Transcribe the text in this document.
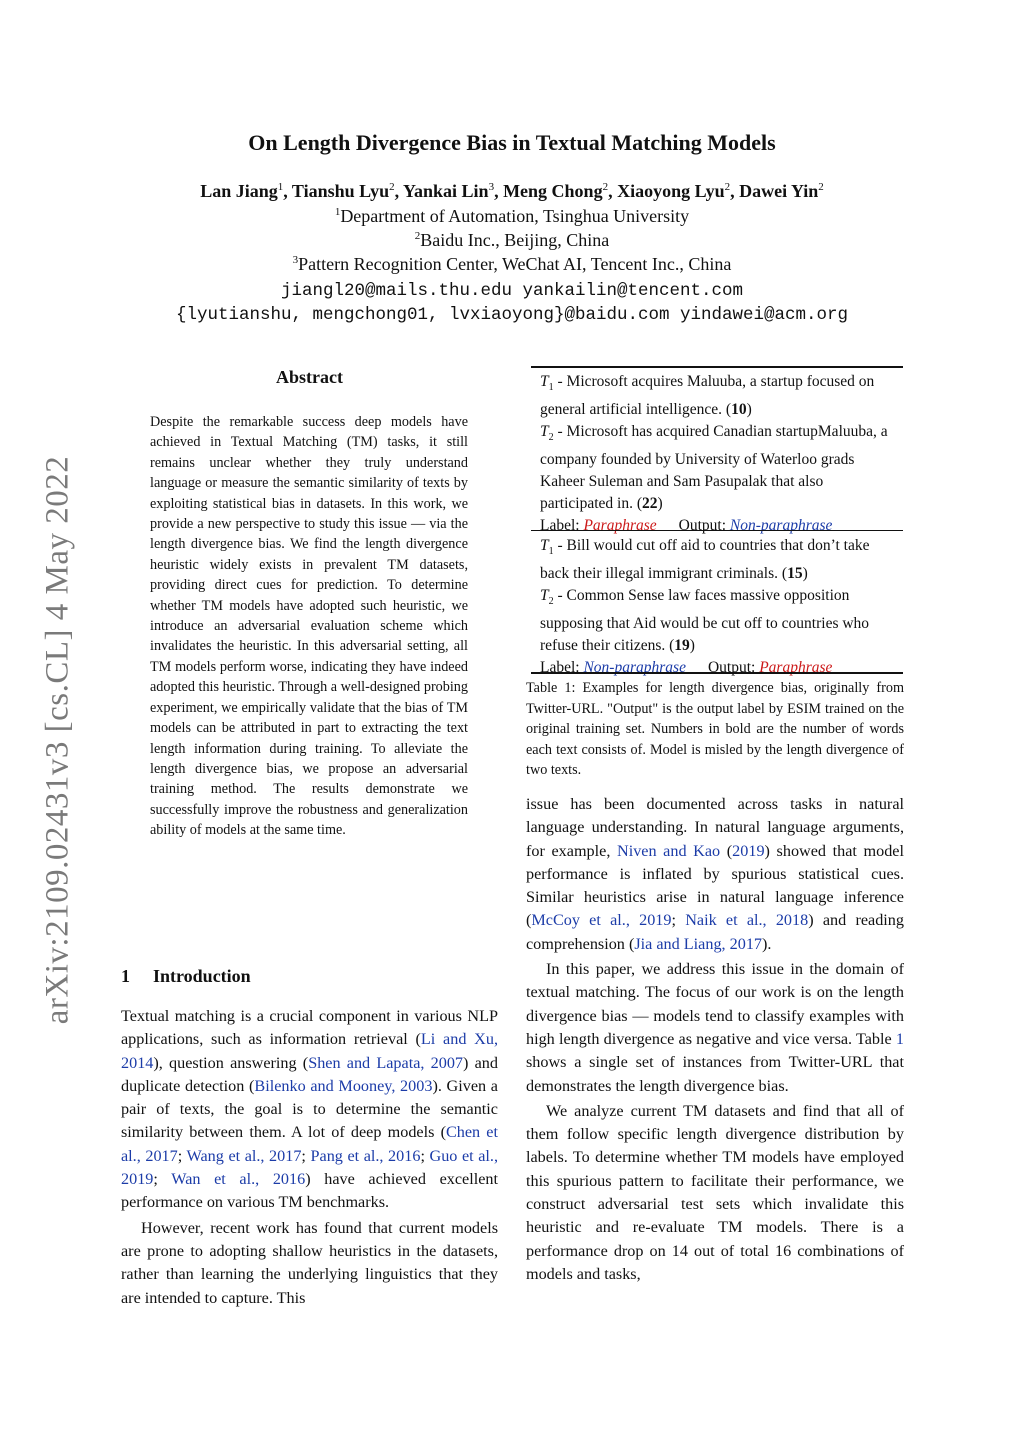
arXiv:2109.02431v3 [cs.CL] 4 May 2022
On Length Divergence Bias in Textual Matching Models
Lan Jiang$^1$, Tianshu Lyu$^2$, Yankai Lin$^3$, Meng Chong$^2$, Xiaoyong Lyu$^2$, Dawei Yin$^2$
$^1$Department of Automation, Tsinghua University
$^2$Baidu Inc., Beijing, China
$^3$Pattern Recognition Center, WeChat AI, Tencent Inc., China
jiangl20@mails.thu.edu yankailin@tencent.com
{lyutianshu, mengchong01, lvxiaoyong}@baidu.com yindawei@acm.org
Abstract
Despite the remarkable success deep models have achieved in Textual Matching (TM) tasks, it still remains unclear whether they truly understand language or measure the semantic similarity of texts by exploiting statistical bias in datasets. In this work, we provide a new perspective to study this issue — via the length divergence bias. We find the length divergence heuristic widely exists in prevalent TM datasets, providing direct cues for prediction. To determine whether TM models have adopted such heuristic, we introduce an adversarial evaluation scheme which invalidates the heuristic. In this adversarial setting, all TM models perform worse, indicating they have indeed adopted this heuristic. Through a well-designed probing experiment, we empirically validate that the bias of TM models can be attributed in part to extracting the text length information during training. To alleviate the length divergence bias, we propose an adversarial training method. The results demonstrate we successfully improve the robustness and generalization ability of models at the same time.
1 Introduction

Textual matching is a crucial component in various NLP applications, such as information retrieval (Li and Xu, 2014), question answering (Shen and Lapata, 2007) and duplicate detection (Bilenko and Mooney, 2003). Given a pair of texts, the goal is to determine the semantic similarity between them. A lot of deep models (Chen et al., 2017; Wang et al., 2017; Pang et al., 2016; Guo et al., 2019; Wan et al., 2016) have achieved excellent performance on various TM benchmarks.

However, recent work has found that current models are prone to adopting shallow heuristics in the datasets, rather than learning the underlying linguistics that they are intended to capture. This

$T_1$ - Microsoft acquires Maluuba, a startup focused on general artificial intelligence. (10)

$T_2$ - Microsoft has acquired Canadian startupMaluuba, a company founded by University of Waterloo grads Kaheer Suleman and Sam Pasupalak that also participated in. (22)

Label: Paraphrase Output: Non-paraphrase

$T_1$ - Bill would cut off aid to countries that don’t take back their illegal immigrant criminals. (15)

$T_2$ - Common Sense law faces massive opposition supposing that Aid would be cut off to countries who refuse their citizens. (19)

Label: Non-paraphrase Output: Paraphrase

Table 1: Examples for length divergence bias, originally from Twitter-URL. "Output" is the output label by ESIM trained on the original training set. Numbers in bold are the number of words each text consists of. Model is misled by the length divergence of two texts.

issue has been documented across tasks in natural language understanding. In natural language arguments, for example, Niven and Kao (2019) showed that model performance is inflated by spurious statistical cues. Similar heuristics arise in natural language inference (McCoy et al., 2019; Naik et al., 2018) and reading comprehension (Jia and Liang, 2017).

In this paper, we address this issue in the domain of textual matching. The focus of our work is on the length divergence bias — models tend to classify examples with high length divergence as negative and vice versa. Table 1 shows a single set of instances from Twitter-URL that demonstrates the length divergence bias.

We analyze current TM datasets and find that all of them follow specific length divergence distribution by labels. To determine whether TM models have employed this spurious pattern to facilitate their performance, we construct adversarial test sets which invalidate this heuristic and re-evaluate TM models. There is a performance drop on 14 out of total 16 combinations of models and tasks,
